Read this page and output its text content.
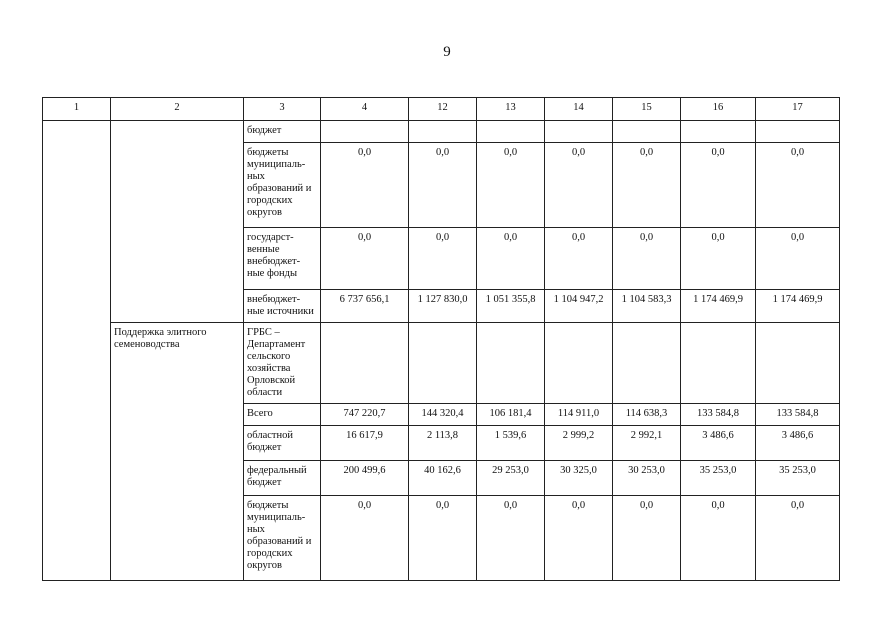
9
1	2	3	4	12	13	14	15	16	17
		бюджет							
		бюджеты муниципаль-ных образований и городских округов	0,0	0,0	0,0	0,0	0,0	0,0	0,0
		государст-венные внебюджет-ные фонды	0,0	0,0	0,0	0,0	0,0	0,0	0,0
		внебюджет-ные источники	6 737 656,1	1 127 830,0	1 051 355,8	1 104 947,2	1 104 583,3	1 174 469,9	1 174 469,9
	Поддержка элитного семеноводства	ГРБС – Департамент сельского хозяйства Орловской области							
		Всего	747 220,7	144 320,4	106 181,4	114 911,0	114 638,3	133 584,8	133 584,8
		областной бюджет	16 617,9	2 113,8	1 539,6	2 999,2	2 992,1	3 486,6	3 486,6
		федеральный бюджет	200 499,6	40 162,6	29 253,0	30 325,0	30 253,0	35 253,0	35 253,0
		бюджеты муниципаль-ных образований и городских округов	0,0	0,0	0,0	0,0	0,0	0,0	0,0
